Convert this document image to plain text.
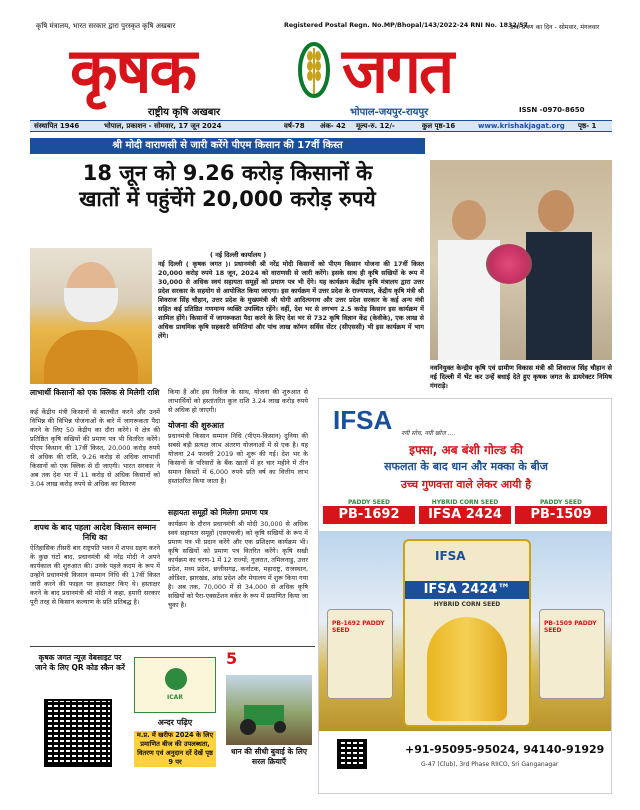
कृषि मंत्रालय, भारत सरकार द्वारा पुरस्कृत कृषि अखबार	Registered Postal Regn. No.MP/Bhopal/143/2022-24 RNI No. 1832/57
डाक प्रेषण का दिन - सोमवार, मंगलवार
कृषक जगत
राष्ट्रीय कृषि अखबार	भोपाल-जयपुर-रायपुर	ISSN -0970-8650
संस्थापित 1946	भोपाल, प्रकाशन - सोमवार, 17 जून 2024	वर्ष-78 अंक- 42 मूल्य-रु. 12/-	कुल पृष्ठ-16	www.krishakjagat.org पृष्ठ- 1
श्री मोदी वाराणसी से जारी करेंगे पीएम किसान की 17वीं किस्त
18 जून को 9.26 करोड़ किसानों के
खातों में पहुंचेंगे 20,000 करोड़ रुपये
( नई दिल्ली कार्यालय )
नई दिल्ली ( कृषक जगत )। प्रधानमंत्री श्री नरेंद्र मोदी किसानों को पीएम किसान योजना की 17वीं किस्त 20,000 करोड़ रुपये 18 जून, 2024 को वाराणसी से जारी करेंगे। इसके साथ ही कृषि सखियों के रूप में 30,000 से अधिक स्वयं सहायता समूहों को प्रमाण पत्र भी देंगे। यह कार्यक्रम केंद्रीय कृषि मंत्रालय द्वारा उत्तर प्रदेश सरकार के सहयोग से आयोजित किया जाएगा। इस कार्यक्रम में उत्तर प्रदेश के राज्यपाल, केंद्रीय कृषि मंत्री श्री शिवराज सिंह चौहान, उत्तर प्रदेश के मुख्यमंत्री श्री योगी आदित्यनाथ और उत्तर प्रदेश सरकार के कई अन्य मंत्री सहित कई प्रतिष्ठित गणमान्य व्यक्ति उपस्थित रहेंगे। वहीं, देश भर से लगभग 2.5 करोड़ किसान इस कार्यक्रम में शामिल होंगे। किसानों में जागरूकता पैदा करने के लिए देश भर से 732 कृषि विज्ञान केंद्र (केवीके), एक लाख से अधिक प्राथमिक कृषि सहकारी समितियां और पांच लाख कॉमन सर्विस सेंटर (सीएससी) भी इस कार्यक्रम में भाग लेंगे।
लाभार्थी किसानों को एक क्लिक से मिलेगी राशि
कई केंद्रीय मंत्री किसानों से बातचीत करने और उनमें विभिन्न की विभिन्न योजनाओं के बारे में जागरूकता पैदा करने के लिए 50 केंद्रीय का दौरा करेंगे। ये क्षेत्र की प्रतिष्ठित कृषि सखियों की प्रमाण पत्र भी वितरित करेंगे। पीएम किसान की 17वीं किस्त, 20,000 करोड़ रुपये से अधिक की राशि, 9.26 करोड़ से अधिक लाभार्थी किसानों को एक क्लिक से दी जाएगी। भारत सरकार ने अब तक देश भर में 11 करोड़ से अधिक किसानों को 3.04 लाख करोड़ रुपये से अधिक का वितरण
शपथ के बाद पहला आदेश किसान सम्मान निधि का
ऐतिहासिक तीसरी बार राष्ट्रपति भवन में शपथ ग्रहण करने के कुछ घंटों बाद, प्रधानमंत्री श्री नरेंद्र मोदी ने अपने कार्यकाल की शुरुआत की। उनके पहले कदम के रूप में उन्होंने प्रधानमंत्री किसान सम्मान निधि की 17वीं किस्त जारी करने की फाइल पर हस्ताक्षर किए थे। हस्ताक्षर करने के बाद प्रधानमंत्री श्री मोदी ने कहा, हमारी सरकार पूरी तरह से किसान कल्याण के प्रति प्रतिबद्ध है।
किया है और इस रिलीज के साथ, योजना की शुरुआत से लाभार्थियों को हस्तांतरित कुल राशि 3.24 लाख करोड़ रुपये से अधिक हो जाएगी।
योजना की शुरुआत
प्रधानमंत्री किसान सम्मान निधि (पीएम-किसान) दुनिया की सबसे बड़ी प्रत्यक्ष लाभ अंतरण योजनाओं में से एक है। यह योजना 24 फरवरी 2019 को शुरू की गई। देश भर के किसानों के परिवारों के बैंक खातों में हर चार महीने में तीन समान किस्तों में 6,000 रुपये प्रति वर्ष का वित्तीय लाभ हस्तांतरित किया जाता है।
सहायता समूहों को मिलेगा प्रमाण पत्र
कार्यक्रम के दौरान प्रधानमंत्री श्री मोदी 30,000 से अधिक स्वयं सहायता समूहों (एसएचजी) को कृषि सखियों के रूप में प्रमाण पत्र भी प्रदान करेंगे और एक प्रशिक्षण कार्यक्रम भी। कृषि सखियों को प्रमाण पत्र वितरित करेंगे। कृषि सखी कार्यक्रम का चरण-1 में 12 राज्यों; गुजरात, तमिलनाडु, उत्तर प्रदेश, मध्य प्रदेश, छत्तीसगढ़, कर्नाटक, महाराष्ट्र, राजस्थान, ओडिशा, झारखंड, आंध्र प्रदेश और मेघालय में शुरू किया गया है। अब तक, 70,000 में से 34,000 से अधिक कृषि सखियों को पैरा-एक्सटेंशन वर्कर के रूप में प्रमाणित किया जा चुका है।
नवनियुक्त केन्द्रीय कृषि एवं ग्रामीण विकास मंत्री श्री शिवराज सिंह चौहान से नई दिल्ली में भेंट कर उन्हें बधाई देते हुए कृषक जगत के डायरेक्टर निमिष गंगराड़े।
IFSA नयी सोच, नयी खोज ....
इफ्सा, अब बंशी गोल्ड की
सफलता के बाद धान और मक्का के बीज
उच्च गुणवत्ता वाले लेकर आयी है
PADDY SEED
PB-1692
HYBRID CORN SEED
IFSA 2424
PADDY SEED
PB-1509
IFSA
IFSA 2424™
HYBRID CORN SEED
PB-1692 PADDY SEED
PB-1509 PADDY SEED
+91-95095-95024, 94140-91929
G-47 (Club), 3rd Phase RIICO, Sri Ganganagar
कृषक जगत न्यूज़ वेबसाइट पर जाने के लिए QR कोड स्कैन करें
ICAR
अन्दर पढ़िए
म.प्र. में खरीफ 2024 के लिए प्रमाणित बीज की उपलब्धता, वितरण एवं अनुदान दरें देखें पृष्ठ 9 पर
5
धान की सीधी बुवाई के लिए सरल क्रियाएँ
